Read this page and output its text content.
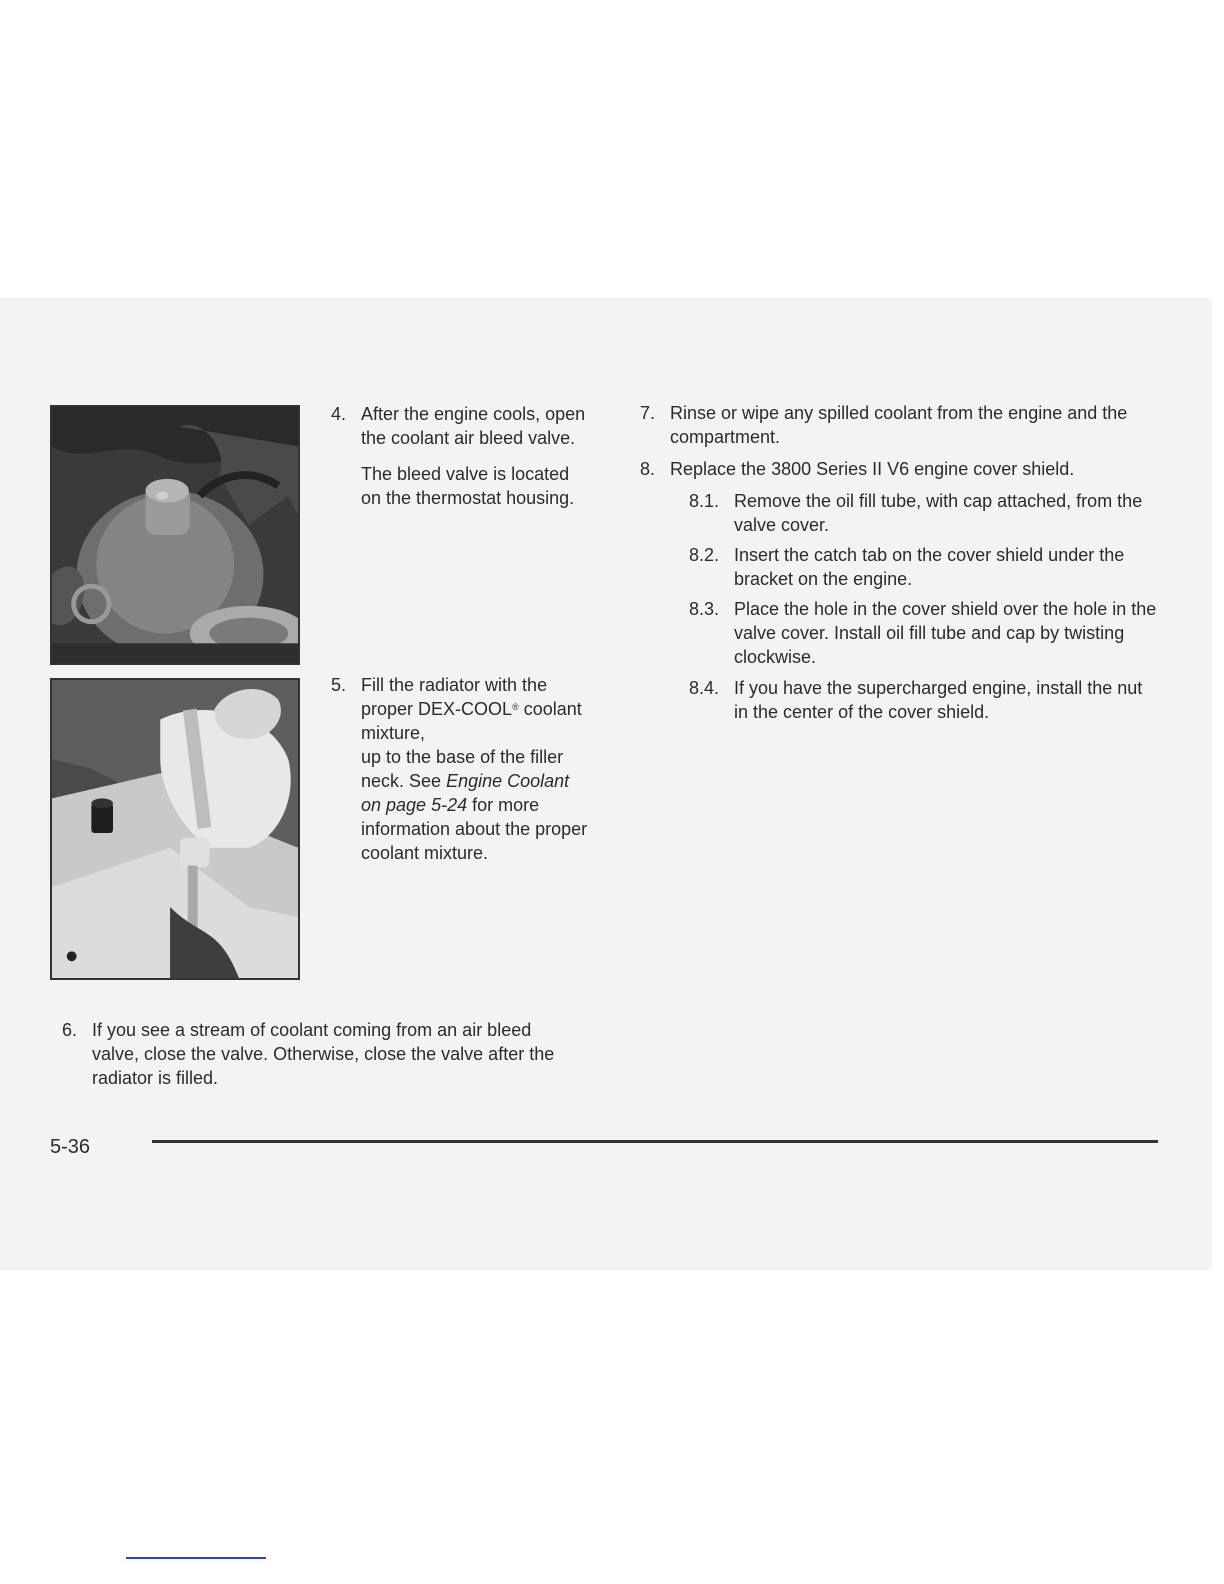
4. After the engine cools, open the coolant air bleed valve.

The bleed valve is located on the thermostat housing.

5. Fill the radiator with the proper DEX-COOL® coolant mixture,
up to the base of the filler neck. See Engine Coolant on page 5-24 for more information about the proper coolant mixture.

6. If you see a stream of coolant coming from an air bleed valve, close the valve. Otherwise, close the valve after the radiator is filled.
7. Rinse or wipe any spilled coolant from the engine and the compartment.
8. Replace the 3800 Series II V6 engine cover shield.
8.1. Remove the oil fill tube, with cap attached, from the valve cover.
8.2. Insert the catch tab on the cover shield under the bracket on the engine.
8.3. Place the hole in the cover shield over the hole in the valve cover. Install oil fill tube and cap by twisting clockwise.
8.4. If you have the supercharged engine, install the nut in the center of the cover shield.
5-36
